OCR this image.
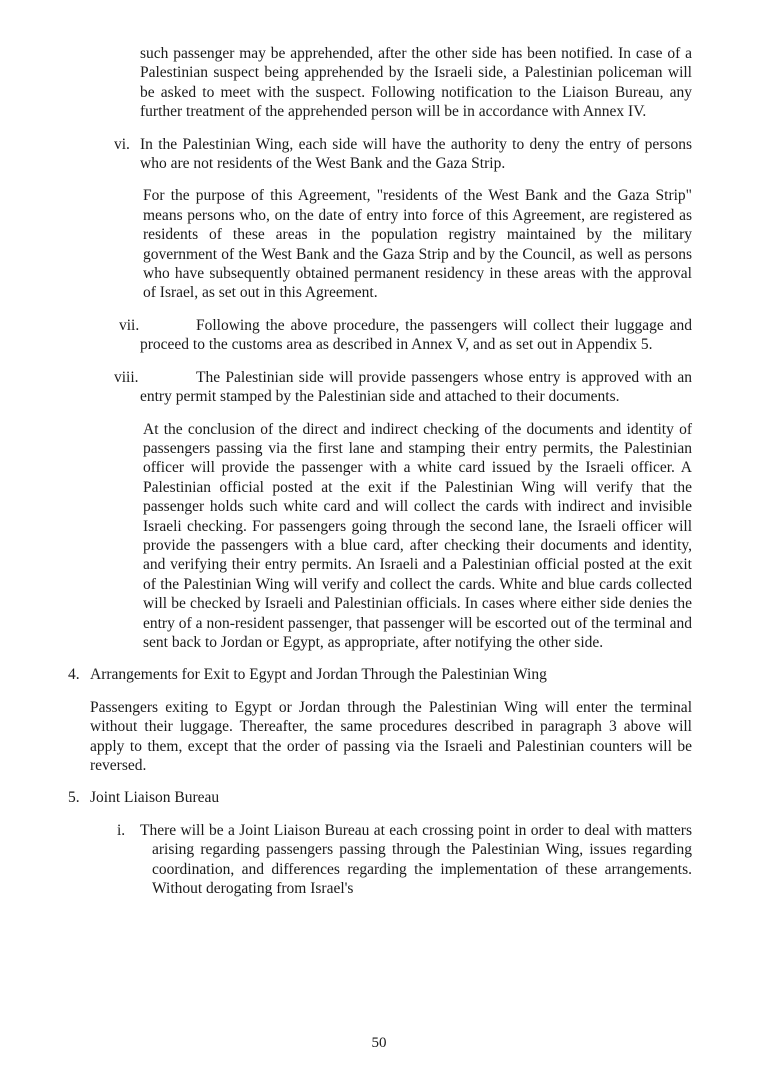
such passenger may be apprehended, after the other side has been notified. In case of a Palestinian suspect being apprehended by the Israeli side, a Palestinian policeman will be asked to meet with the suspect. Following notification to the Liaison Bureau, any further treatment of the apprehended person will be in accordance with Annex IV.

vi. In the Palestinian Wing, each side will have the authority to deny the entry of persons who are not residents of the West Bank and the Gaza Strip.

For the purpose of this Agreement, "residents of the West Bank and the Gaza Strip" means persons who, on the date of entry into force of this Agreement, are registered as residents of these areas in the population registry maintained by the military government of the West Bank and the Gaza Strip and by the Council, as well as persons who have subsequently obtained permanent residency in these areas with the approval of Israel, as set out in this Agreement.

vii.	Following the above procedure, the passengers will collect their luggage and proceed to the customs area as described in Annex V, and as set out in Appendix 5.

viii.	The Palestinian side will provide passengers whose entry is approved with an entry permit stamped by the Palestinian side and attached to their documents.

At the conclusion of the direct and indirect checking of the documents and identity of passengers passing via the first lane and stamping their entry permits, the Palestinian officer will provide the passenger with a white card issued by the Israeli officer. A Palestinian official posted at the exit if the Palestinian Wing will verify that the passenger holds such white card and will collect the cards with indirect and invisible Israeli checking. For passengers going through the second lane, the Israeli officer will provide the passengers with a blue card, after checking their documents and identity, and verifying their entry permits. An Israeli and a Palestinian official posted at the exit of the Palestinian Wing will verify and collect the cards. White and blue cards collected will be checked by Israeli and Palestinian officials. In cases where either side denies the entry of a non-resident passenger, that passenger will be escorted out of the terminal and sent back to Jordan or Egypt, as appropriate, after notifying the other side.

4. Arrangements for Exit to Egypt and Jordan Through the Palestinian Wing

Passengers exiting to Egypt or Jordan through the Palestinian Wing will enter the terminal without their luggage. Thereafter, the same procedures described in paragraph 3 above will apply to them, except that the order of passing via the Israeli and Palestinian counters will be reversed.

5. Joint Liaison Bureau

i. There will be a Joint Liaison Bureau at each crossing point in order to deal with matters arising regarding passengers passing through the Palestinian Wing, issues regarding coordination, and differences regarding the implementation of these arrangements. Without derogating from Israel's

50
